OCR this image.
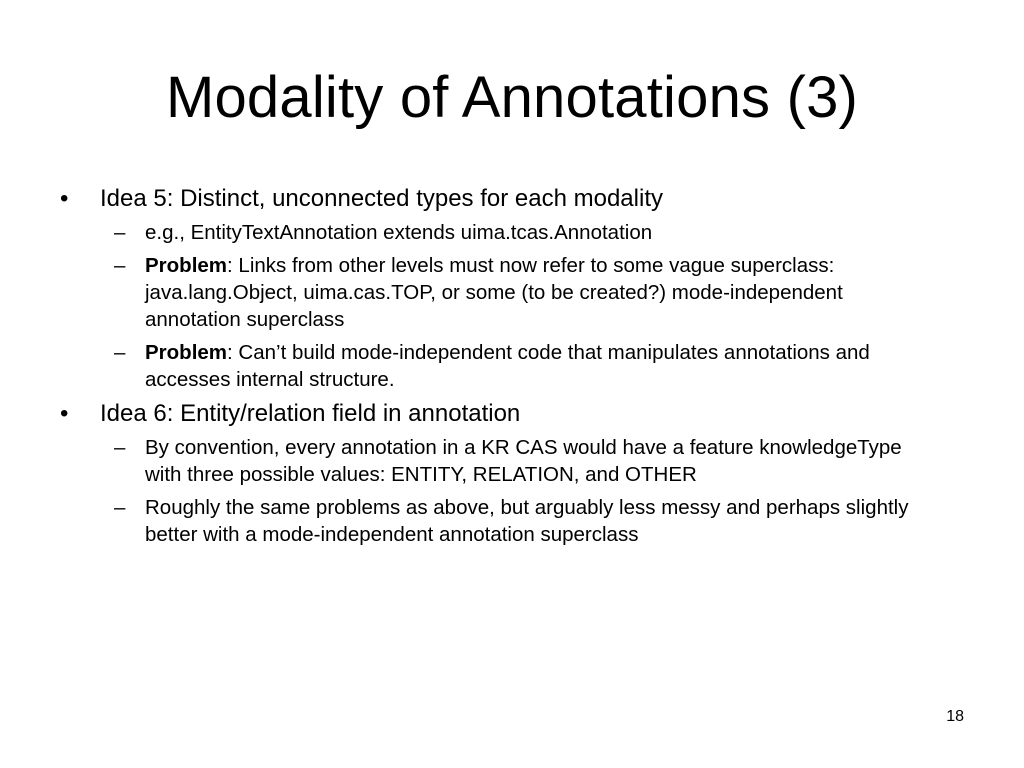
Modality of Annotations (3)
•	Idea 5: Distinct, unconnected types for each modality
– e.g., EntityTextAnnotation extends uima.tcas.Annotation
– Problem: Links from other levels must now refer to some vague superclass: java.lang.Object, uima.cas.TOP, or some (to be created?) mode-independent annotation superclass
– Problem: Can’t build mode-independent code that manipulates annotations and accesses internal structure.
•	Idea 6: Entity/relation field in annotation
– By convention, every annotation in a KR CAS would have a feature knowledgeType with three possible values: ENTITY, RELATION, and OTHER
– Roughly the same problems as above, but arguably less messy and perhaps slightly better with a mode-independent annotation superclass
18
